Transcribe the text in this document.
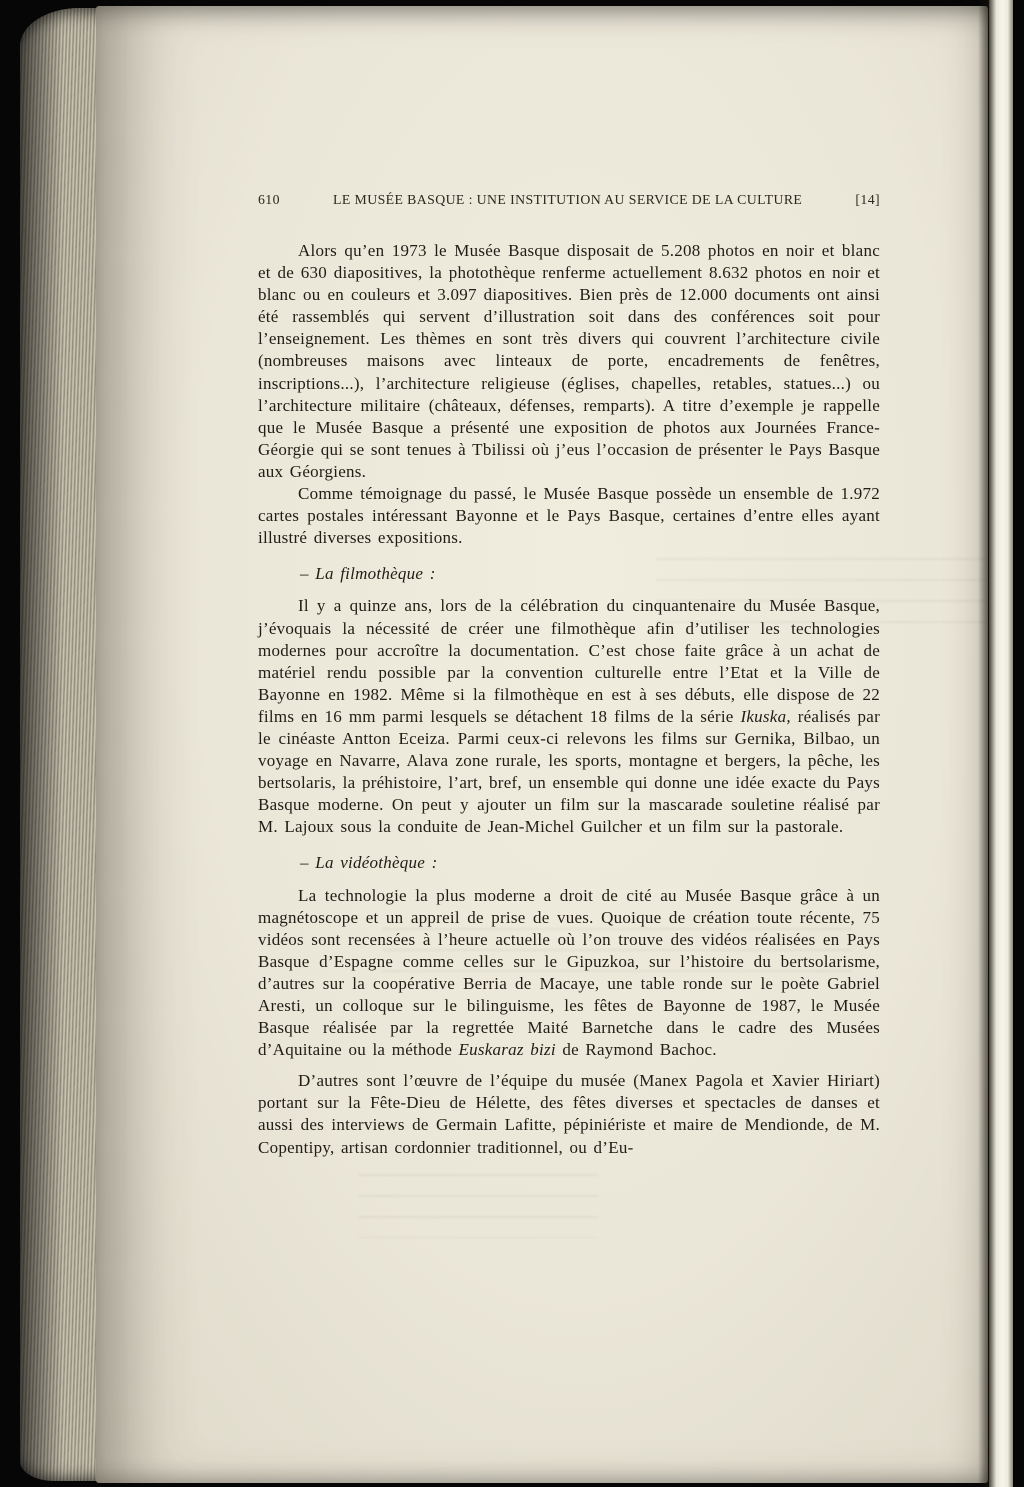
610	LE MUSÉE BASQUE : UNE INSTITUTION AU SERVICE DE LA CULTURE	[14]

Alors qu’en 1973 le Musée Basque disposait de 5.208 photos en noir et blanc et de 630 diapositives, la photothèque renferme actuellement 8.632 photos en noir et blanc ou en couleurs et 3.097 diapositives. Bien près de 12.000 documents ont ainsi été rassemblés qui servent d’illustration soit dans des conférences soit pour l’enseignement. Les thèmes en sont très divers qui couvrent l’architecture civile (nombreuses maisons avec linteaux de porte, encadrements de fenêtres, inscriptions...), l’architecture religieuse (églises, chapelles, retables, statues...) ou l’architecture militaire (châteaux, défenses, remparts). A titre d’exemple je rappelle que le Musée Basque a présenté une exposition de photos aux Journées France-Géorgie qui se sont tenues à Tbilissi où j’eus l’occasion de présenter le Pays Basque aux Géorgiens.

Comme témoignage du passé, le Musée Basque possède un ensemble de 1.972 cartes postales intéressant Bayonne et le Pays Basque, certaines d’entre elles ayant illustré diverses expositions.

– La filmothèque :

Il y a quinze ans, lors de la célébration du cinquantenaire du Musée Basque, j’évoquais la nécessité de créer une filmothèque afin d’utiliser les technologies modernes pour accroître la documentation. C’est chose faite grâce à un achat de matériel rendu possible par la convention culturelle entre l’Etat et la Ville de Bayonne en 1982. Même si la filmothèque en est à ses débuts, elle dispose de 22 films en 16 mm parmi lesquels se détachent 18 films de la série Ikuska, réalisés par le cinéaste Antton Eceiza. Parmi ceux-ci relevons les films sur Gernika, Bilbao, un voyage en Navarre, Alava zone rurale, les sports, montagne et bergers, la pêche, les bertsolaris, la préhistoire, l’art, bref, un ensemble qui donne une idée exacte du Pays Basque moderne. On peut y ajouter un film sur la mascarade souletine réalisé par M. Lajoux sous la conduite de Jean-Michel Guilcher et un film sur la pastorale.

– La vidéothèque :

La technologie la plus moderne a droit de cité au Musée Basque grâce à un magnétoscope et un appreil de prise de vues. Quoique de création toute récente, 75 vidéos sont recensées à l’heure actuelle où l’on trouve des vidéos réalisées en Pays Basque d’Espagne comme celles sur le Gipuzkoa, sur l’histoire du bertsolarisme, d’autres sur la coopérative Berria de Macaye, une table ronde sur le poète Gabriel Aresti, un colloque sur le bilinguisme, les fêtes de Bayonne de 1987, le Musée Basque réalisée par la regrettée Maité Barnetche dans le cadre des Musées d’Aquitaine ou la méthode Euskaraz bizi de Raymond Bachoc.

D’autres sont l’œuvre de l’équipe du musée (Manex Pagola et Xavier Hiriart) portant sur la Fête-Dieu de Hélette, des fêtes diverses et spectacles de danses et aussi des interviews de Germain Lafitte, pépiniériste et maire de Mendionde, de M. Copentipy, artisan cordonnier traditionnel, ou d’Eu-
